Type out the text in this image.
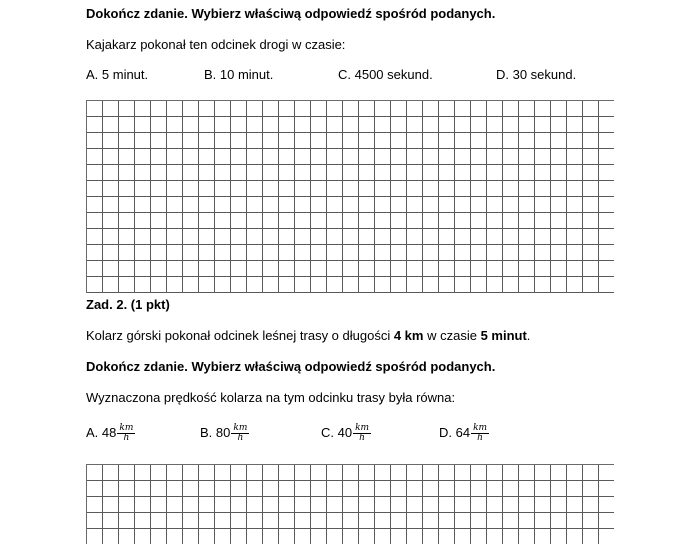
Dokończ zdanie. Wybierz właściwą odpowiedź spośród podanych.
Kajakarz pokonał ten odcinek drogi w czasie:
A. 5 minut.	B. 10 minut.	C. 4500 sekund.	D. 30 sekund.
Zad. 2. (1 pkt)
Kolarz górski pokonał odcinek leśnej trasy o długości 4 km w czasie 5 minut.
Dokończ zdanie. Wybierz właściwą odpowiedź spośród podanych.
Wyznaczona prędkość kolarza na tym odcinku trasy była równa:
A. $48 \frac{km}{h}$	B. $80 \frac{km}{h}$	C. $40 \frac{km}{h}$	D. $64 \frac{km}{h}$
